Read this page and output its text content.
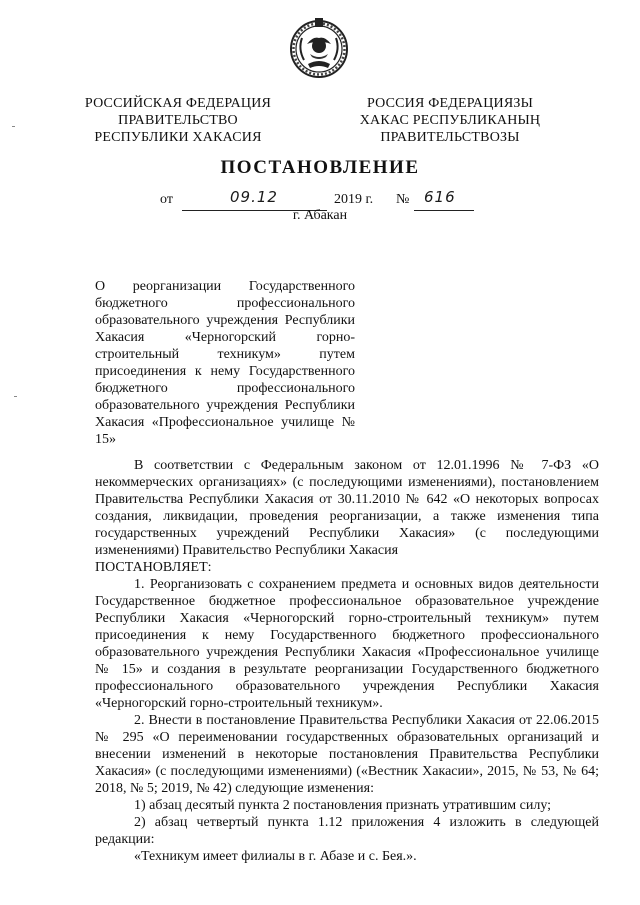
РОССИЙСКАЯ ФЕДЕРАЦИЯ
ПРАВИТЕЛЬСТВО
РЕСПУБЛИКИ ХАКАСИЯ
РОССИЯ ФЕДЕРАЦИЯЗЫ
ХАКАС РЕСПУБЛИКАНЫҢ
ПРАВИТЕЛЬСТВОЗЫ
ПОСТАНОВЛЕНИЕ
от	09.12	2019 г. № 616
г. Абакан
О реорганизации Государственного бюджетного профессионального образовательного учреждения Республики Хакасия «Черногорский горно-строительный техникум» путем присоединения к нему Государственного бюджетного профессионального образовательного учреждения Республики Хакасия «Профессиональное училище № 15»

В соответствии с Федеральным законом от 12.01.1996 № 7-ФЗ «О некоммерческих организациях» (с последующими изменениями), постановлением Правительства Республики Хакасия от 30.11.2010 № 642 «О некоторых вопросах создания, ликвидации, проведения реорганизации, а также изменения типа государственных учреждений Республики Хакасия» (с последующими изменениями) Правительство Республики Хакасия

ПОСТАНОВЛЯЕТ:

1. Реорганизовать с сохранением предмета и основных видов деятельности Государственное бюджетное профессиональное образовательное учреждение Республики Хакасия «Черногорский горно-строительный техникум» путем присоединения к нему Государственного бюджетного профессионального образовательного учреждения Республики Хакасия «Профессиональное училище № 15» и создания в результате реорганизации Государственного бюджетного профессионального образовательного учреждения Республики Хакасия «Черногорский горно-строительный техникум».

2. Внести в постановление Правительства Республики Хакасия от 22.06.2015 № 295 «О переименовании государственных образовательных организаций и внесении изменений в некоторые постановления Правительства Республики Хакасия» (с последующими изменениями) («Вестник Хакасии», 2015, № 53, № 64; 2018, № 5; 2019, № 42) следующие изменения:

1) абзац десятый пункта 2 постановления признать утратившим силу;

2) абзац четвертый пункта 1.12 приложения 4 изложить в следующей редакции:

«Техникум имеет филиалы в г. Абазе и с. Бея.».
